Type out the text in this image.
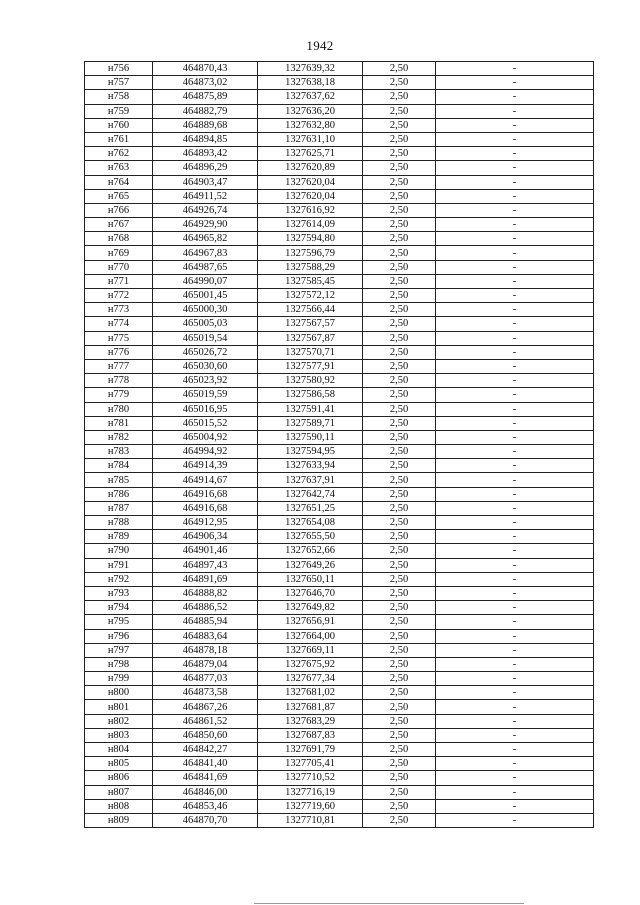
1942
н756	464870,43	1327639,32	2,50	-
н757	464873,02	1327638,18	2,50	-
н758	464875,89	1327637,62	2,50	-
н759	464882,79	1327636,20	2,50	-
н760	464889,68	1327632,80	2,50	-
н761	464894,85	1327631,10	2,50	-
н762	464893,42	1327625,71	2,50	-
н763	464896,29	1327620,89	2,50	-
н764	464903,47	1327620,04	2,50	-
н765	464911,52	1327620,04	2,50	-
н766	464926,74	1327616,92	2,50	-
н767	464929,90	1327614,09	2,50	-
н768	464965,82	1327594,80	2,50	-
н769	464967,83	1327596,79	2,50	-
н770	464987,65	1327588,29	2,50	-
н771	464990,07	1327585,45	2,50	-
н772	465001,45	1327572,12	2,50	-
н773	465000,30	1327566,44	2,50	-
н774	465005,03	1327567,57	2,50	-
н775	465019,54	1327567,87	2,50	-
н776	465026,72	1327570,71	2,50	-
н777	465030,60	1327577,91	2,50	-
н778	465023,92	1327580,92	2,50	-
н779	465019,59	1327586,58	2,50	-
н780	465016,95	1327591,41	2,50	-
н781	465015,52	1327589,71	2,50	-
н782	465004,92	1327590,11	2,50	-
н783	464994,92	1327594,95	2,50	-
н784	464914,39	1327633,94	2,50	-
н785	464914,67	1327637,91	2,50	-
н786	464916,68	1327642,74	2,50	-
н787	464916,68	1327651,25	2,50	-
н788	464912,95	1327654,08	2,50	-
н789	464906,34	1327655,50	2,50	-
н790	464901,46	1327652,66	2,50	-
н791	464897,43	1327649,26	2,50	-
н792	464891,69	1327650,11	2,50	-
н793	464888,82	1327646,70	2,50	-
н794	464886,52	1327649,82	2,50	-
н795	464885,94	1327656,91	2,50	-
н796	464883,64	1327664,00	2,50	-
н797	464878,18	1327669,11	2,50	-
н798	464879,04	1327675,92	2,50	-
н799	464877,03	1327677,34	2,50	-
н800	464873,58	1327681,02	2,50	-
н801	464867,26	1327681,87	2,50	-
н802	464861,52	1327683,29	2,50	-
н803	464850,60	1327687,83	2,50	-
н804	464842,27	1327691,79	2,50	-
н805	464841,40	1327705,41	2,50	-
н806	464841,69	1327710,52	2,50	-
н807	464846,00	1327716,19	2,50	-
н808	464853,46	1327719,60	2,50	-
н809	464870,70	1327710,81	2,50	-
